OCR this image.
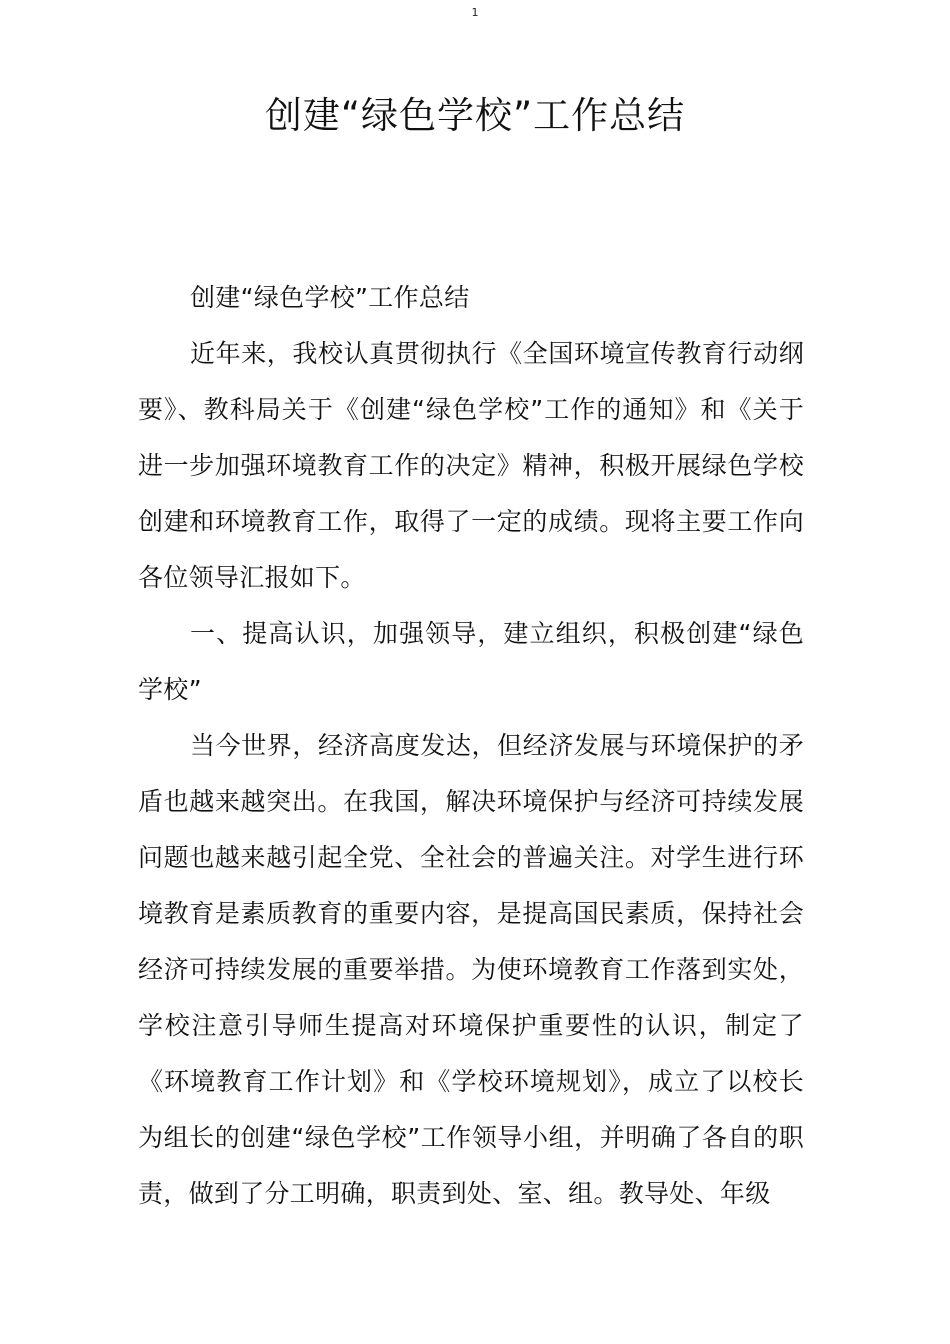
1
创建“绿色学校”工作总结

创建“绿色学校”工作总结

近年来，我校认真贯彻执行《全国环境宣传教育行动纲要》、教科局关于《创建“绿色学校”工作的通知》和《关于进一步加强环境教育工作的决定》精神，积极开展绿色学校创建和环境教育工作，取得了一定的成绩。现将主要工作向各位领导汇报如下。

一、提高认识，加强领导，建立组织，积极创建“绿色学校”

当今世界，经济高度发达，但经济发展与环境保护的矛盾也越来越突出。在我国，解决环境保护与经济可持续发展问题也越来越引起全党、全社会的普遍关注。对学生进行环境教育是素质教育的重要内容，是提高国民素质，保持社会经济可持续发展的重要举措。为使环境教育工作落到实处，学校注意引导师生提高对环境保护重要性的认识，制定了《环境教育工作计划》和《学校环境规划》，成立了以校长为组长的创建“绿色学校”工作领导小组，并明确了各自的职责，做到了分工明确，职责到处、室、组。教导处、年级
